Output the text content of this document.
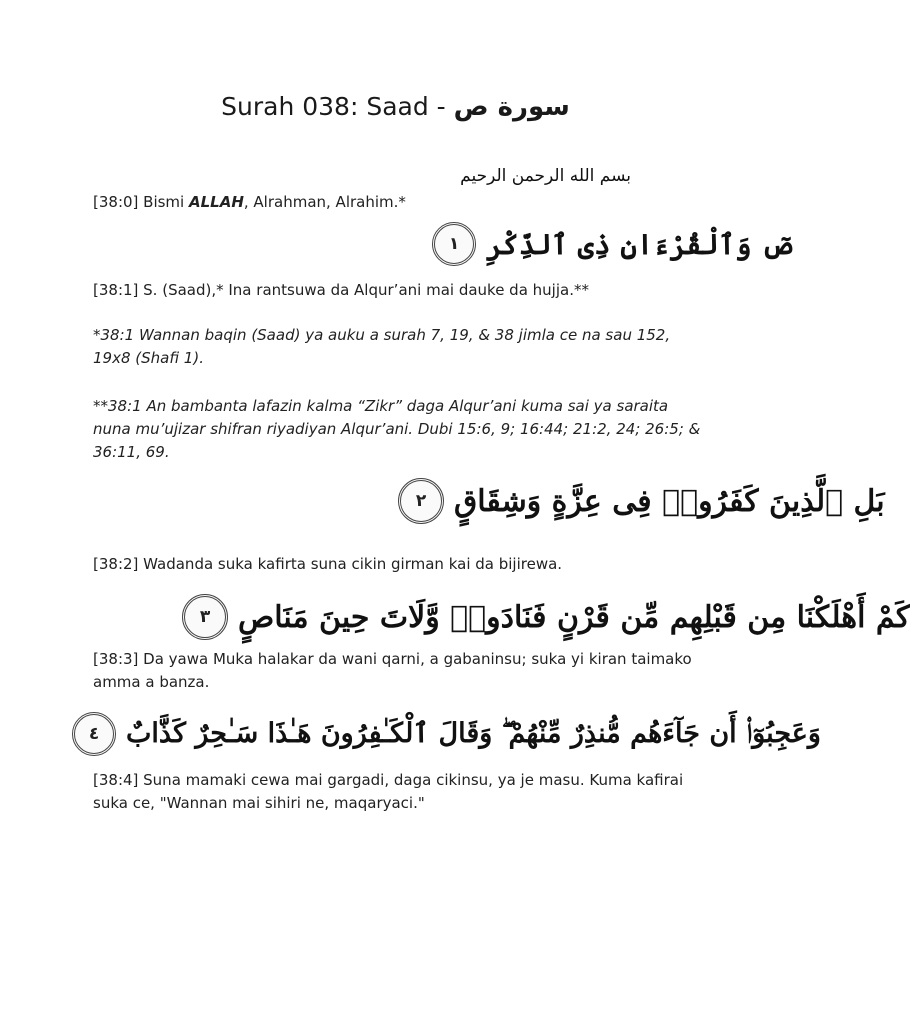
Surah 038: Saad - سورة ص
بسم الله الرحمن الرحيم
[38:0] Bismi ALLAH, Alrahman, Alrahim.*
صٓ وَٱلْقُرْءَانِ ذِى ٱلذِّكْرِ
١
[38:1] S. (Saad),* Ina rantsuwa da Alqur’ani mai dauke da hujja.**
*38:1 Wannan baqin (Saad) ya auku a surah 7, 19, & 38 jimla ce na sau 152, 19x8 (Shafi 1).
**38:1 An bambanta lafazin kalma “Zikr” daga Alqur’ani kuma sai ya saraita nuna mu’ujizar shifran riyadiyan Alqur’ani. Dubi 15:6, 9; 16:44; 21:2, 24; 26:5; & 36:11, 69.
بَلِ ٱلَّذِينَ كَفَرُوا۟ فِى عِزَّةٍ وَشِقَاقٍ
٢
[38:2] Wadanda suka kafirta suna cikin girman kai da bijirewa.
كَمْ أَهْلَكْنَا مِن قَبْلِهِم مِّن قَرْنٍ فَنَادَوا۟ وَّلَاتَ حِينَ مَنَاصٍ
٣
[38:3] Da yawa Muka halakar da wani qarni, a gabaninsu; suka yi kiran taimako amma a banza.
وَعَجِبُوٓا۟ أَن جَآءَهُم مُّنذِرٌ مِّنْهُمْ ۖ وَقَالَ ٱلْكَـٰفِرُونَ هَـٰذَا سَـٰحِرٌ كَذَّابٌ
٤
[38:4] Suna mamaki cewa mai gargadi, daga cikinsu, ya je masu. Kuma kafirai suka ce, "Wannan mai sihiri ne, maqaryaci."
